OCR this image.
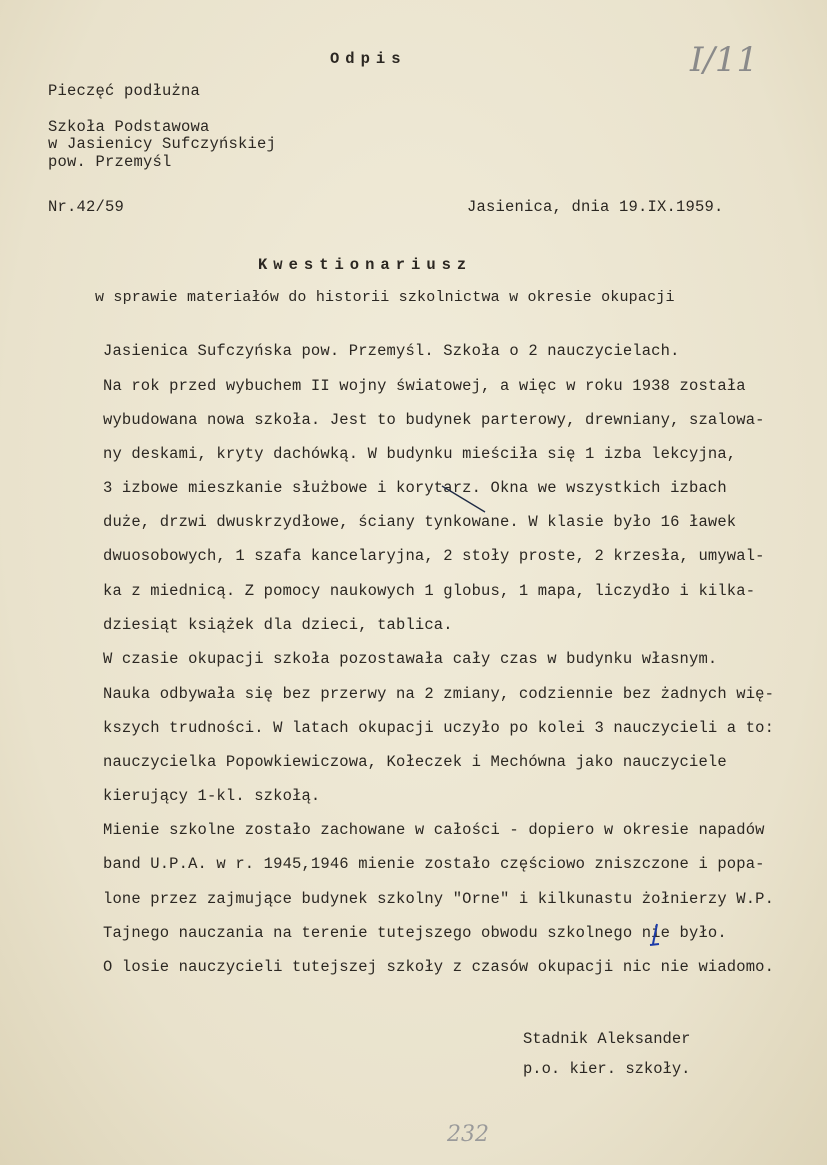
Odpis	I/11
Pieczęć podłużna
Szkoła Podstawowa
w Jasienicy Sufczyńskiej
pow. Przemyśl
Nr.42/59	Jasienica, dnia 19.IX.1959.
Kwestionariusz
w sprawie materiałów do historii szkolnictwa w okresie okupacji
Jasienica Sufczyńska pow. Przemyśl. Szkoła o 2 nauczycielach.
Na rok przed wybuchem II wojny światowej, a więc w roku 1938 została
wybudowana nowa szkoła. Jest to budynek parterowy, drewniany, szalowa-
ny deskami, kryty dachówką. W budynku mieściła się 1 izba lekcyjna,
3 izbowe mieszkanie służbowe i korytarz. Okna we wszystkich izbach
duże, drzwi dwuskrzydłowe, ściany tynkowane. W klasie było 16 ławek
dwuosobowych, 1 szafa kancelaryjna, 2 stoły proste, 2 krzesła, umywal-
ka z miednicą. Z pomocy naukowych 1 globus, 1 mapa, liczydło i kilka-
dziesiąt książek dla dzieci, tablica.
W czasie okupacji szkoła pozostawała cały czas w budynku własnym.
Nauka odbywała się bez przerwy na 2 zmiany, codziennie bez żadnych wię-
kszych trudności. W latach okupacji uczyło po kolei 3 nauczycieli a to:
nauczycielka Popowkiewiczowa, Kołeczek i Mechówna jako nauczyciele
kierujący 1-kl. szkołą.
Mienie szkolne zostało zachowane w całości - dopiero w okresie napadów
band U.P.A. w r. 1945,1946 mienie zostało częściowo zniszczone i popa-
lone przez zajmujące budynek szkolny "Orne" i kilkunastu żołnierzy W.P.
Tajnego nauczania na terenie tutejszego obwodu szkolnego nie było.
O losie nauczycieli tutejszej szkoły z czasów okupacji nic nie wiadomo.
Stadnik Aleksander
p.o. kier. szkoły.
232
